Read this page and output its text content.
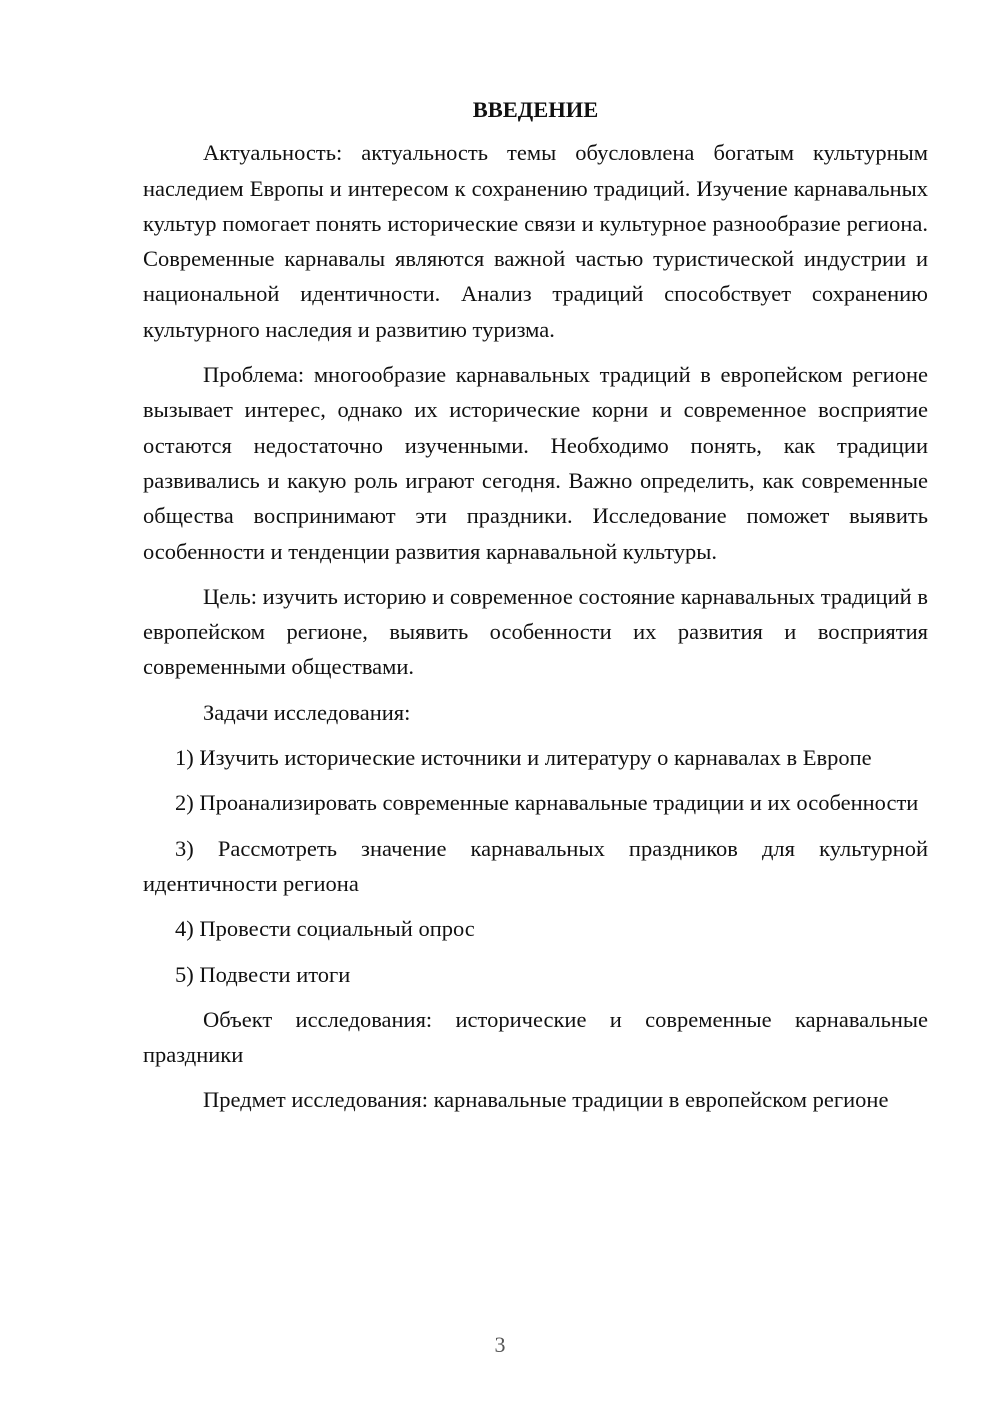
ВВЕДЕНИЕ

Актуальность: актуальность темы обусловлена богатым культурным наследием Европы и интересом к сохранению традиций. Изучение карнавальных культур помогает понять исторические связи и культурное разнообразие региона. Современные карнавалы являются важной частью туристической индустрии и национальной идентичности. Анализ традиций способствует сохранению культурного наследия и развитию туризма.

Проблема: многообразие карнавальных традиций в европейском регионе вызывает интерес, однако их исторические корни и современное восприятие остаются недостаточно изученными. Необходимо понять, как традиции развивались и какую роль играют сегодня. Важно определить, как современные общества воспринимают эти праздники. Исследование поможет выявить особенности и тенденции развития карнавальной культуры.

Цель: изучить историю и современное состояние карнавальных традиций в европейском регионе, выявить особенности их развития и восприятия современными обществами.

Задачи исследования:

1) Изучить исторические источники и литературу о карнавалах в Европе

2) Проанализировать современные карнавальные традиции и их особенности

3) Рассмотреть значение карнавальных праздников для культурной идентичности региона

4) Провести социальный опрос

5) Подвести итоги

Объект исследования: исторические и современные карнавальные праздники

Предмет исследования: карнавальные традиции в европейском регионе

3
